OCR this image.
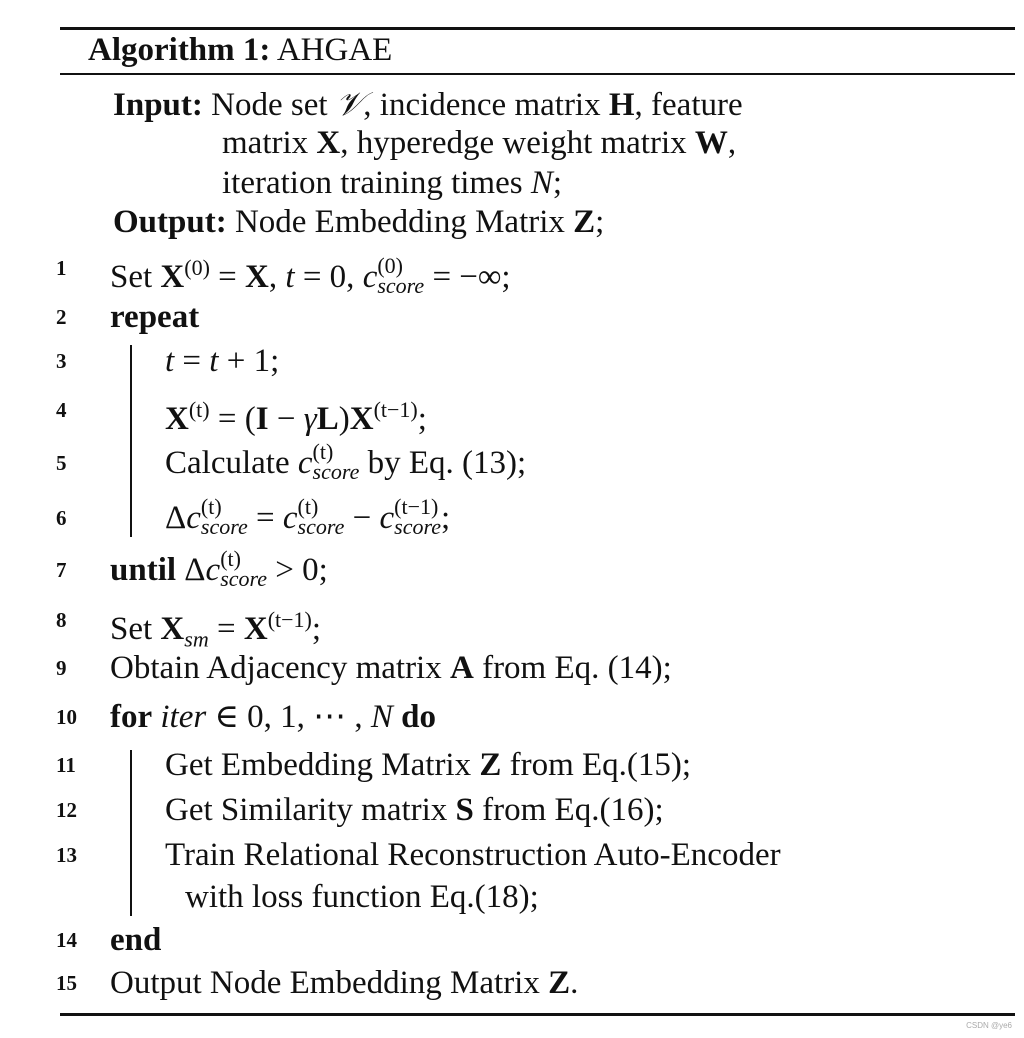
Algorithm 1: AHGAE
Input: Node set 𝒱, incidence matrix H, feature
matrix X, hyperedge weight matrix W,
iteration training times N;
Output: Node Embedding Matrix Z;
1	Set $X^{(0)} = X$, t = 0, c (0)
score = −∞;
2	repeat
3	t = t + 1;
4	$X^{(t)} = (I - \gamma L)X^{(t-1)}$;
5	Calculate c (t)
score by Eq. (13);
6	Δc (t)
score = c (t)
score − c (t−1)
score ;
7	until Δc (t)
score > 0;
8	Set $X_{sm} = X^{(t-1)}$;
9	Obtain Adjacency matrix A from Eq. (14);
10	for iter ∈ 0, 1, ⋯ , N do
11	Get Embedding Matrix Z from Eq.(15);
12	Get Similarity matrix S from Eq.(16);
13	Train Relational Reconstruction Auto-Encoder
with loss function Eq.(18);
14	end
15	Output Node Embedding Matrix Z.
CSDN @ye6
